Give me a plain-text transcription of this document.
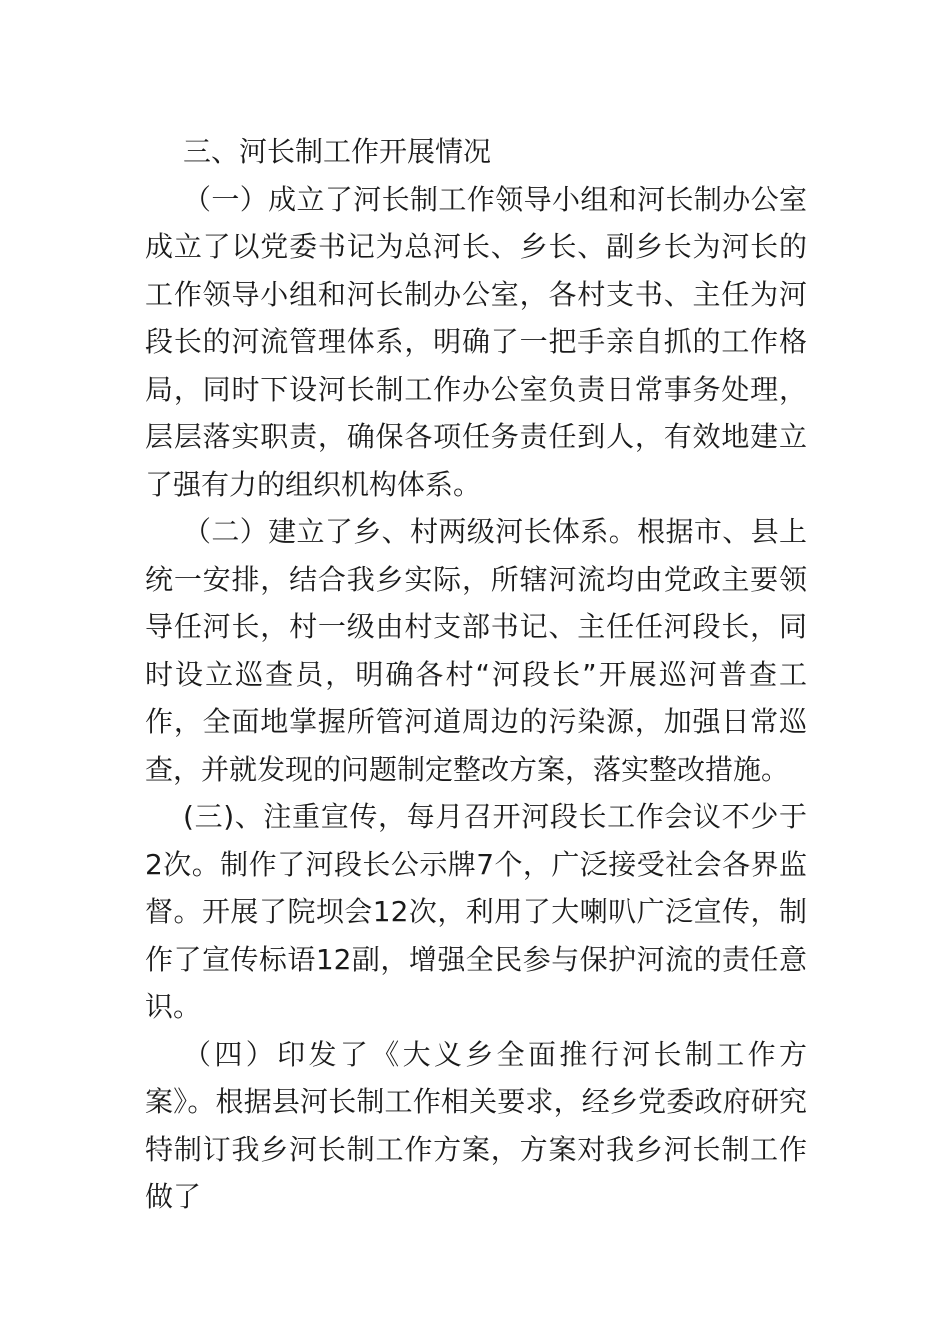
三、河长制工作开展情况

（一）成立了河长制工作领导小组和河长制办公室成立了以党委书记为总河长、乡长、副乡长为河长的工作领导小组和河长制办公室，各村支书、主任为河段长的河流管理体系，明确了一把手亲自抓的工作格局，同时下设河长制工作办公室负责日常事务处理，层层落实职责，确保各项任务责任到人，有效地建立了强有力的组织机构体系。

（二）建立了乡、村两级河长体系。根据市、县上统一安排，结合我乡实际，所辖河流均由党政主要领导任河长，村一级由村支部书记、主任任河段长，同时设立巡查员，明确各村“河段长”开展巡河普查工作，全面地掌握所管河道周边的污染源，加强日常巡查，并就发现的问题制定整改方案，落实整改措施。

(三)、注重宣传，每月召开河段长工作会议不少于2次。制作了河段长公示牌7个，广泛接受社会各界监督。开展了院坝会12次，利用了大喇叭广泛宣传，制作了宣传标语12副，增强全民参与保护河流的责任意识。

（四）印发了《大义乡全面推行河长制工作方案》。根据县河长制工作相关要求，经乡党委政府研究特制订我乡河长制工作方案，方案对我乡河长制工作做了
